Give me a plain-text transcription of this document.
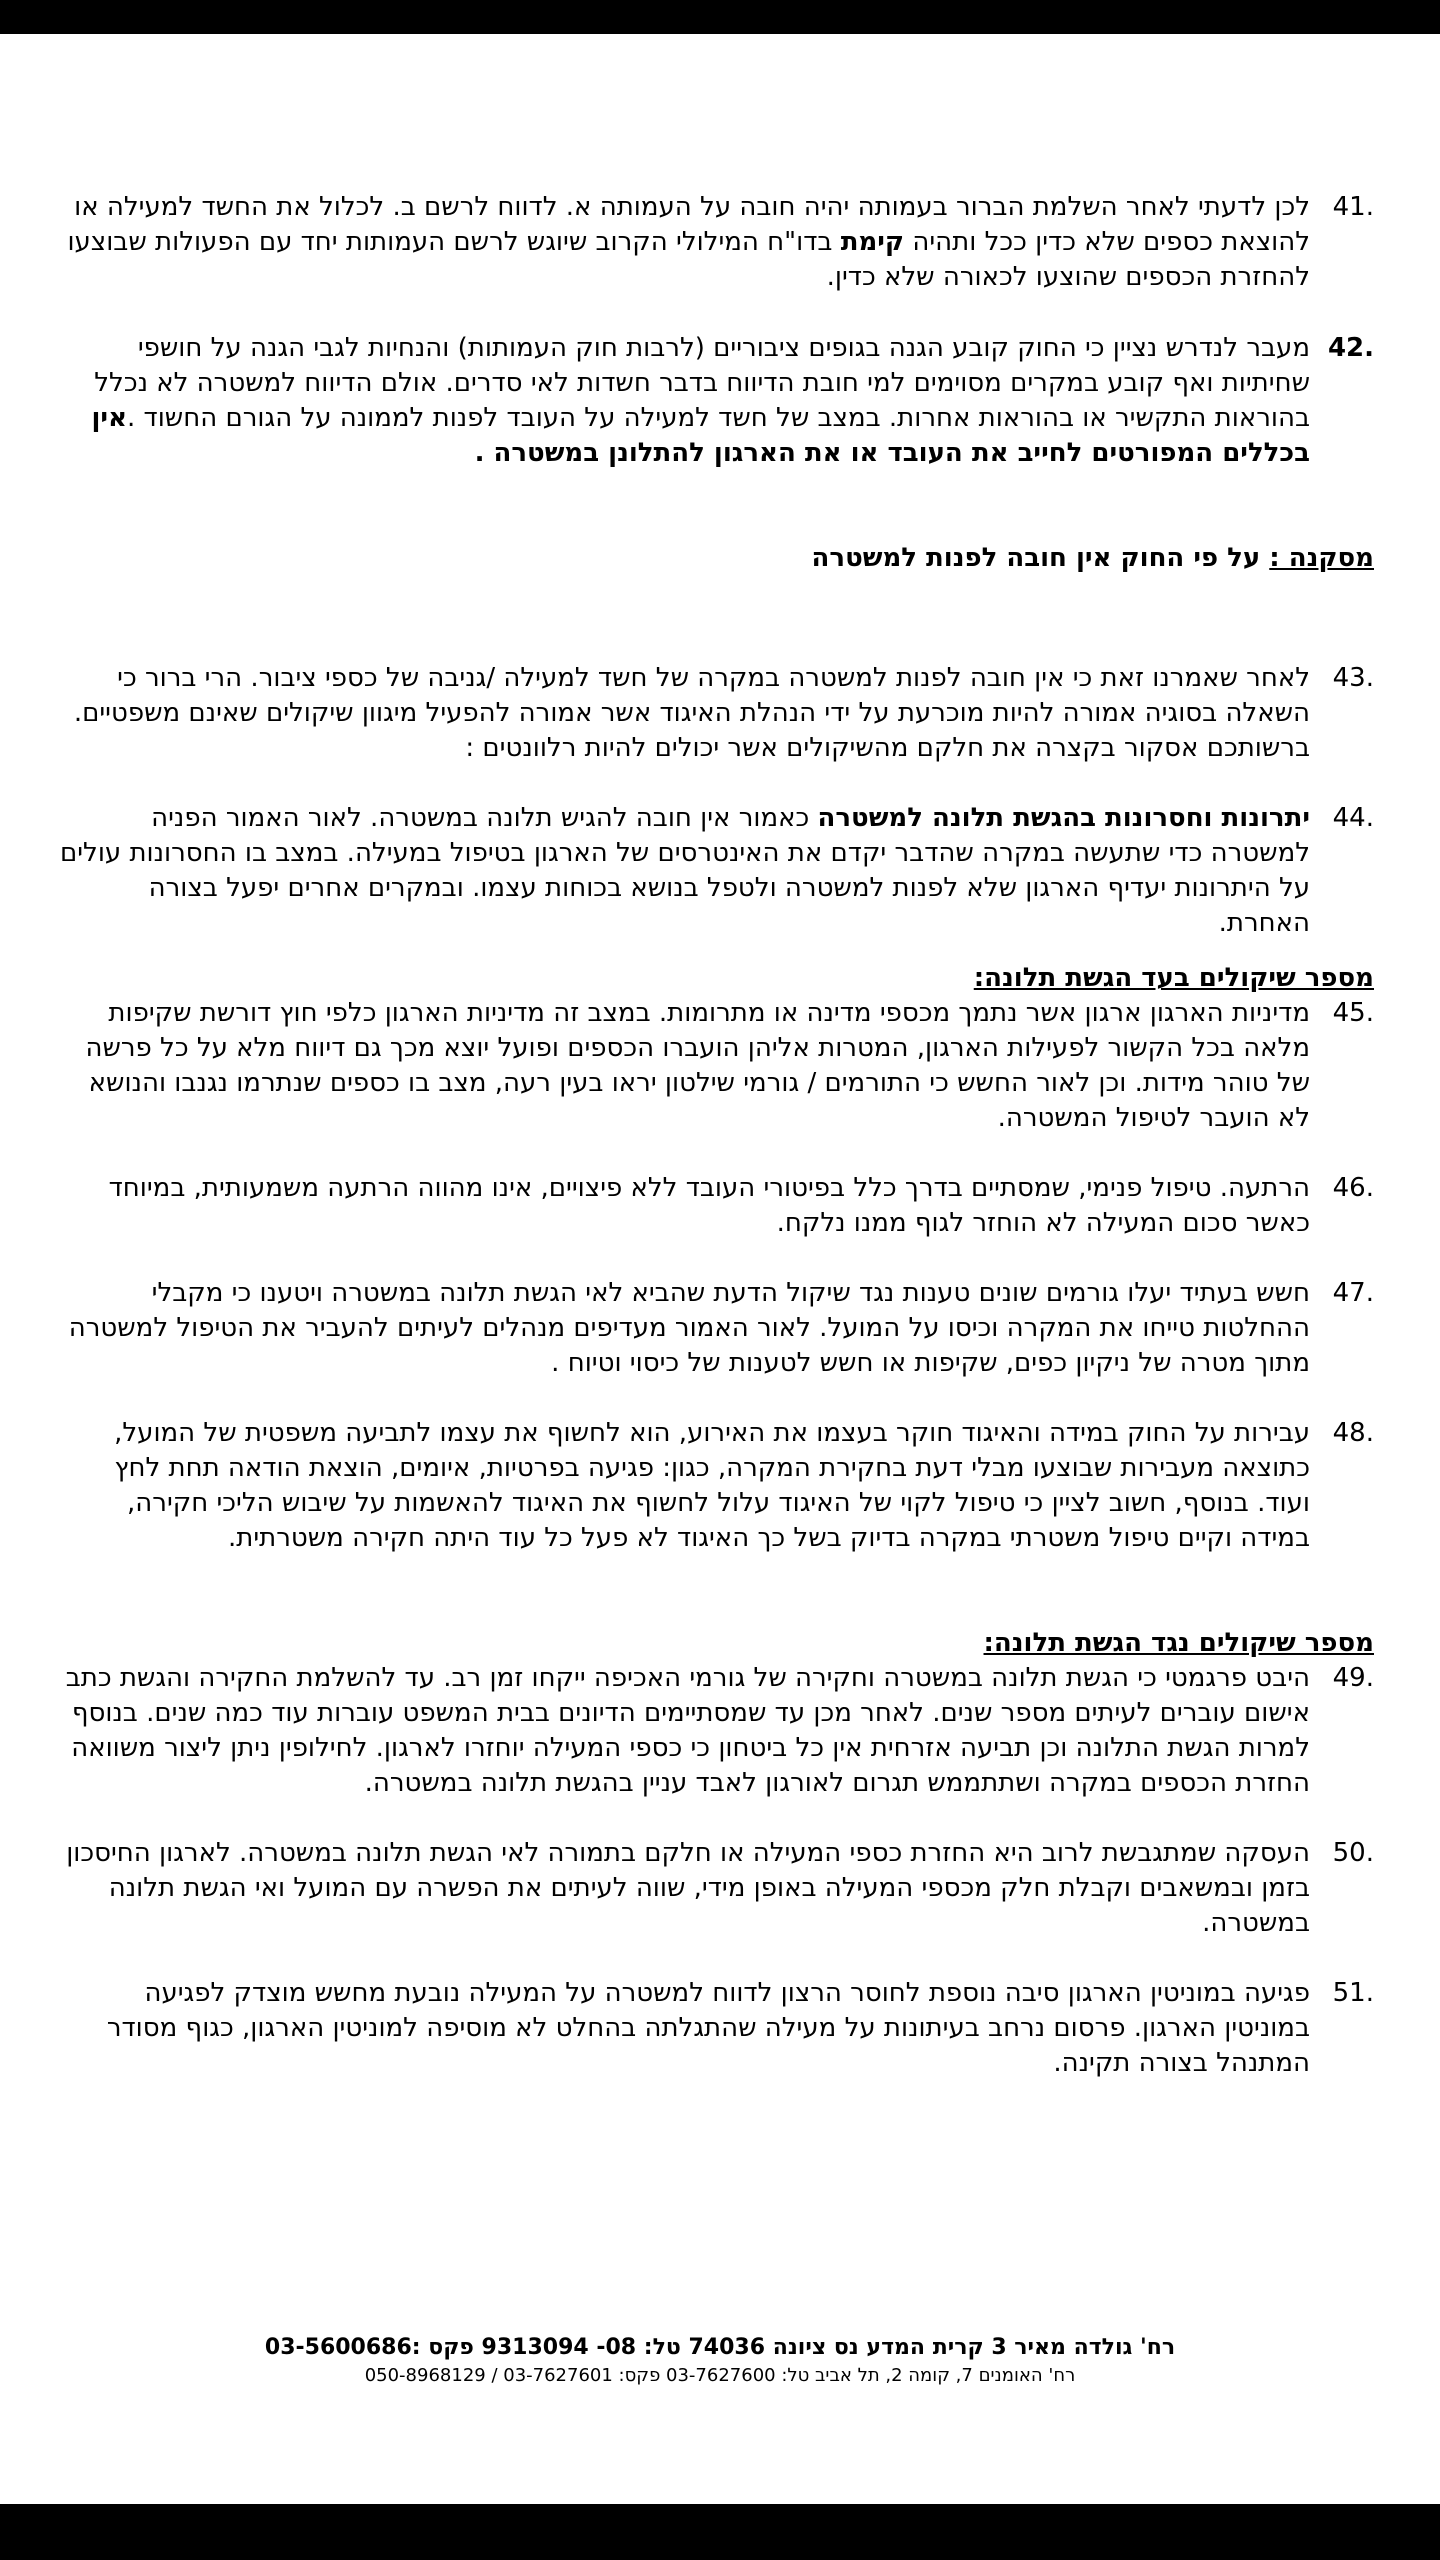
41.
לכן לדעתי לאחר השלמת הברור בעמותה יהיה חובה על העמותה א. לדווח לרשם ב. לכלול את החשד למעילה או להוצאת כספים שלא כדין ככל ותהיה קימת בדו"ח המילולי הקרוב שיוגש לרשם העמותות יחד עם הפעולות שבוצעו להחזרת הכספים שהוצעו לכאורה שלא כדין.
42.
מעבר לנדרש נציין כי החוק קובע הגנה בגופים ציבוריים (לרבות חוק העמותות) והנחיות לגבי הגנה על חושפי שחיתיות ואף קובע במקרים מסוימים למי חובת הדיווח בדבר חשדות לאי סדרים. אולם הדיווח למשטרה לא נכלל בהוראות התקשיר או בהוראות אחרות. במצב של חשד למעילה על העובד לפנות לממונה על הגורם החשוד .אין בכללים המפורטים לחייב את העובד או את הארגון להתלונן במשטרה .
מסקנה : על פי החוק אין חובה לפנות למשטרה
43.
לאחר שאמרנו זאת כי אין חובה לפנות למשטרה במקרה של חשד למעילה /גניבה של כספי ציבור. הרי ברור כי השאלה בסוגיה אמורה להיות מוכרעת על ידי הנהלת האיגוד אשר אמורה להפעיל מיגוון שיקולים שאינם משפטיים. ברשותכם אסקור בקצרה את חלקם מהשיקולים אשר יכולים להיות רלוונטים :
44.
יתרונות וחסרונות בהגשת תלונה למשטרה כאמור אין חובה להגיש תלונה במשטרה. לאור האמור הפניה למשטרה כדי שתעשה במקרה שהדבר יקדם את האינטרסים של הארגון בטיפול במעילה. במצב בו החסרונות עולים על היתרונות יעדיף הארגון שלא לפנות למשטרה ולטפל בנושא בכוחות עצמו. ובמקרים אחרים יפעל בצורה האחרת.
מספר שיקולים בעד הגשת תלונה:
45.
מדיניות הארגון ארגון אשר נתמך מכספי מדינה או מתרומות. במצב זה מדיניות הארגון כלפי חוץ דורשת שקיפות מלאה בכל הקשור לפעילות הארגון, המטרות אליהן הועברו הכספים ופועל יוצא מכך גם דיווח מלא על כל פרשה של טוהר מידות. וכן לאור החשש כי התורמים / גורמי שילטון יראו בעין רעה, מצב בו כספים שנתרמו נגנבו והנושא לא הועבר לטיפול המשטרה.
46.
הרתעה. טיפול פנימי, שמסתיים בדרך כלל בפיטורי העובד ללא פיצויים, אינו מהווה הרתעה משמעותית, במיוחד כאשר סכום המעילה לא הוחזר לגוף ממנו נלקח.
47.
חשש בעתיד יעלו גורמים שונים טענות נגד שיקול הדעת שהביא לאי הגשת תלונה במשטרה ויטענו כי מקבלי ההחלטות טייחו את המקרה וכיסו על המועל. לאור האמור מעדיפים מנהלים לעיתים להעביר את הטיפול למשטרה מתוך מטרה של ניקיון כפים, שקיפות או חשש לטענות של כיסוי וטיוח .
48.
עבירות על החוק במידה והאיגוד חוקר בעצמו את האירוע, הוא לחשוף את עצמו לתביעה משפטית של המועל, כתוצאה מעבירות שבוצעו מבלי דעת בחקירת המקרה, כגון: פגיעה בפרטיות, איומים, הוצאת הודאה תחת לחץ ועוד. בנוסף, חשוב לציין כי טיפול לקוי של האיגוד עלול לחשוף את האיגוד להאשמות על שיבוש הליכי חקירה, במידה וקיים טיפול משטרתי במקרה בדיוק בשל כך האיגוד לא פעל כל עוד היתה חקירה משטרתית.
מספר שיקולים נגד הגשת תלונה:
49.
היבט פרגמטי כי הגשת תלונה במשטרה וחקירה של גורמי האכיפה ייקחו זמן רב. עד להשלמת החקירה והגשת כתב אישום עוברים לעיתים מספר שנים. לאחר מכן עד שמסתיימים הדיונים בבית המשפט עוברות עוד כמה שנים. בנוסף למרות הגשת התלונה וכן תביעה אזרחית אין כל ביטחון כי כספי המעילה יוחזרו לארגון. לחילופין ניתן ליצור משוואה החזרת הכספים במקרה ושתתממש תגרום לאורגון לאבד עניין בהגשת תלונה במשטרה.
50.
העסקה שמתגבשת לרוב היא החזרת כספי המעילה או חלקם בתמורה לאי הגשת תלונה במשטרה. לארגון החיסכון בזמן ובמשאבים וקבלת חלק מכספי המעילה באופן מידי, שווה לעיתים את הפשרה עם המועל ואי הגשת תלונה במשטרה.
51.
פגיעה במוניטין הארגון סיבה נוספת לחוסר הרצון לדווח למשטרה על המעילה נובעת מחשש מוצדק לפגיעה במוניטין הארגון. פרסום נרחב בעיתונות על מעילה שהתגלתה בהחלט לא מוסיפה למוניטין הארגון, כגוף מסודר המתנהל בצורה תקינה.
רח' גולדה מאיר 3 קרית המדע נס ציונה 74036 טל: 08- 9313094 פקס :03-5600686
רח' האומנים 7, קומה 2, תל אביב טל: 03-7627600 פקס: 03-7627601 / 050-8968129
